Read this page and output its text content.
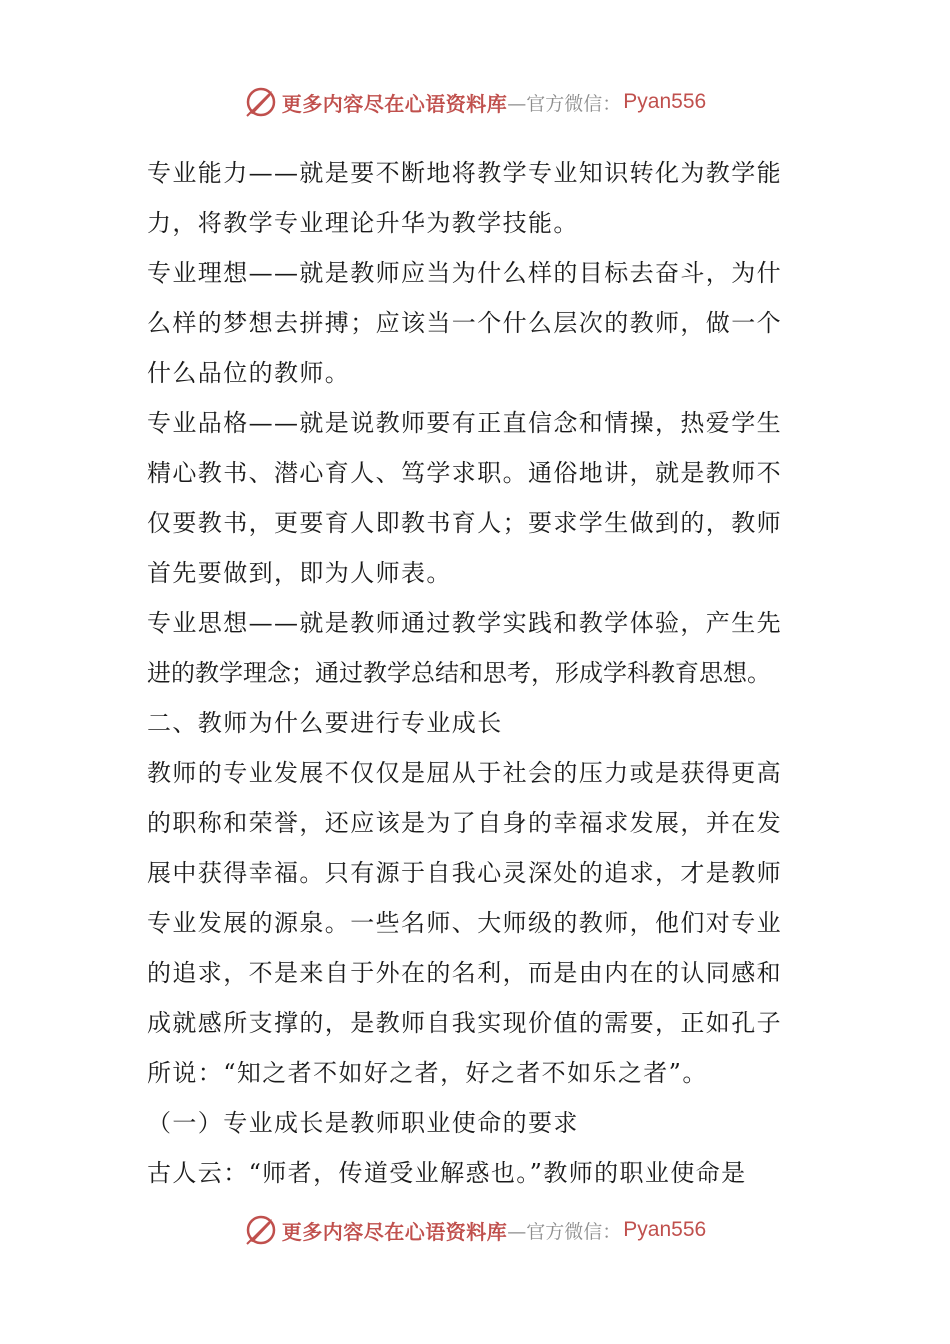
更多内容尽在心语资料库 —官方微信： Pyan556
专业能力——就是要不断地将教学专业知识转化为教学能
力，将教学专业理论升华为教学技能。
专业理想——就是教师应当为什么样的目标去奋斗，为什
么样的梦想去拼搏；应该当一个什么层次的教师，做一个
什么品位的教师。
专业品格——就是说教师要有正直信念和情操，热爱学生
精心教书、潜心育人、笃学求职。通俗地讲，就是教师不
仅要教书，更要育人即教书育人；要求学生做到的，教师
首先要做到，即为人师表。
专业思想——就是教师通过教学实践和教学体验，产生先
进的教学理念；通过教学总结和思考，形成学科教育思想。
二、教师为什么要进行专业成长
教师的专业发展不仅仅是屈从于社会的压力或是获得更高
的职称和荣誉，还应该是为了自身的幸福求发展，并在发
展中获得幸福。只有源于自我心灵深处的追求，才是教师
专业发展的源泉。一些名师、大师级的教师，他们对专业
的追求，不是来自于外在的名利，而是由内在的认同感和
成就感所支撑的，是教师自我实现价值的需要，正如孔子
所说：“知之者不如好之者，好之者不如乐之者”。
（一）专业成长是教师职业使命的要求
古人云：“师者，传道受业解惑也。”教师的职业使命是
更多内容尽在心语资料库 —官方微信： Pyan556
